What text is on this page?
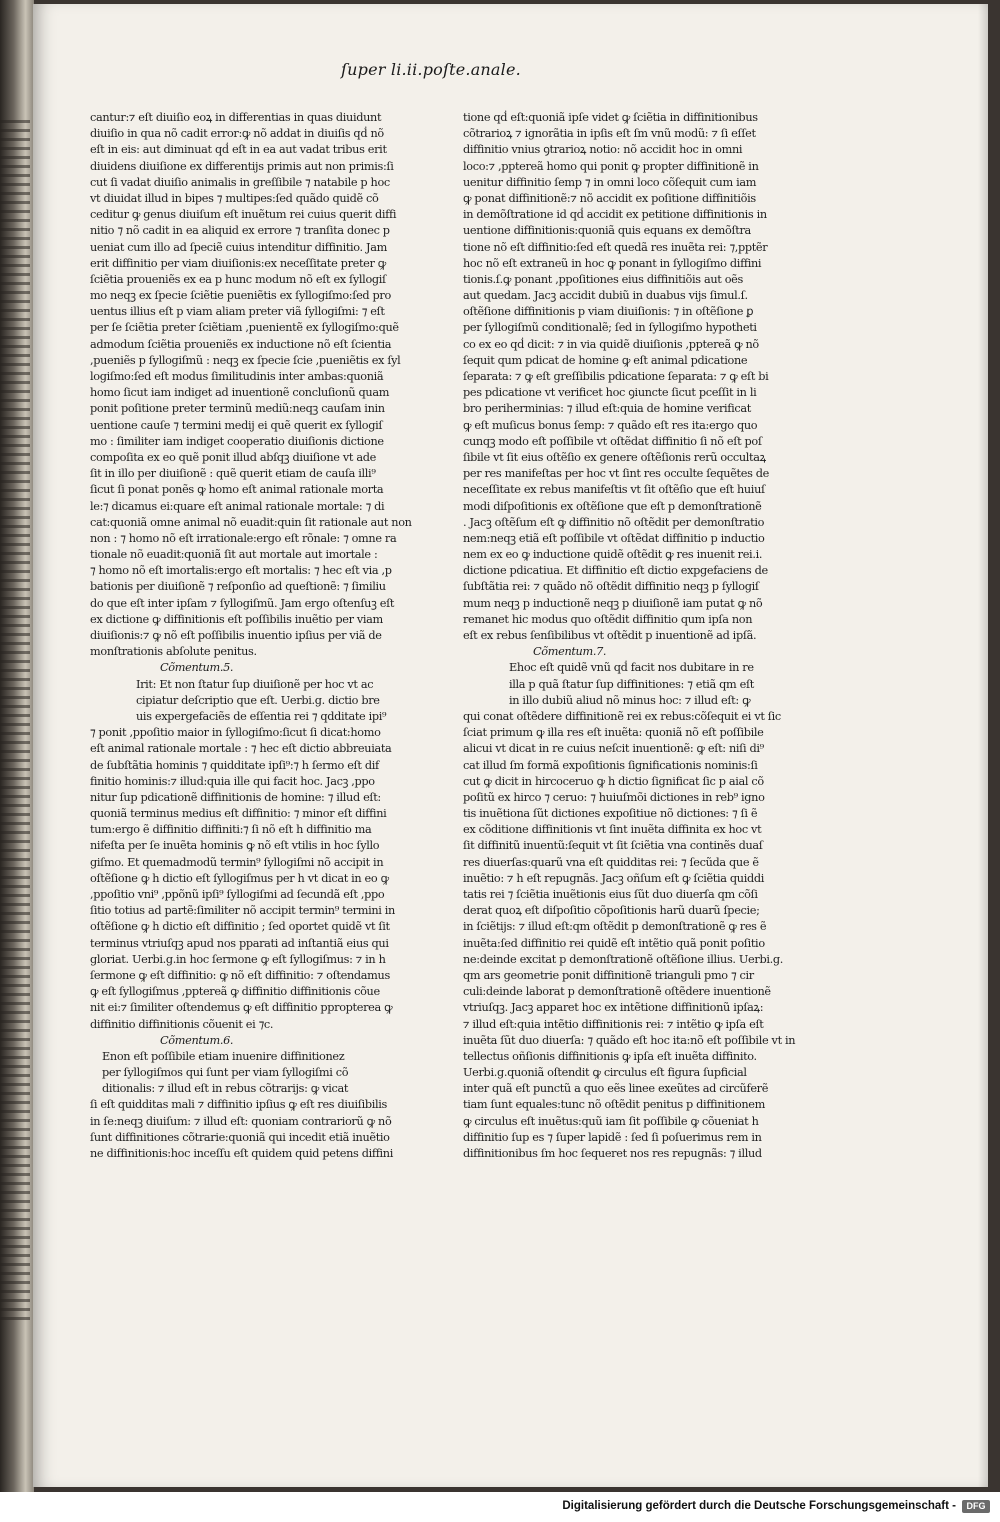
ſuper li.ii.poſte.anale.
cantur:⁊ eſt diuiſio eoꝝ in differentias in quas diuidunt
diuiſio in qua nõ cadit error:ꝙ nõ addat in diuiſis qḋ nõ
eſt in eis: aut diminuat qḋ eſt in ea aut vadat tribus erit
diuidens diuiſione ex differentijs primis aut non primis:ſi
cut ſi vadat diuiſio animalis in greſſibile ⁊ natabile p hoc
vt diuidat illud in bipes ⁊ multipes:ſed quãdo quidẽ cõ
ceditur ꝙ genus diuiſum eſt inuẽtum rei cuius querit diffi
nitio ⁊ nõ cadit in ea aliquid ex errore ⁊ tranſita donec p
ueniat cum illo ad ſpeciẽ cuius intenditur diffinitio. Jam
erit diffinitio per viam diuiſionis:ex neceſſitate preter ꝙ
ſciẽtia proueniẽs ex ea p hunc modum nõ eſt ex ſyllogiſ
mo neqꝫ ex ſpecie ſciẽtie pueniẽtis ex ſyllogiſmo:ſed pro
uentus illius eſt p viam aliam preter viã ſyllogiſmi: ⁊ eſt
per ſe ſciẽtia preter ſciẽtiam ,puenientẽ ex ſyllogiſmo:quẽ
admodum ſciẽtia proueniẽs ex inductione nõ eſt ſcientia
,pueniẽs p ſyllogiſmũ : neqꝫ ex ſpecie ſcie ,pueniẽtis ex ſyl
logiſmo:ſed eſt modus ſimilitudinis inter ambas:quoniã
homo ſicut iam indiget ad inuentionẽ concluſionũ quam
ponit poſitione preter terminũ mediũ:neqꝫ cauſam inin
uentione cauſe ⁊ termini medij ei quẽ querit ex ſyllogiſ
mo : ſimiliter iam indiget cooperatio diuiſionis dictione
compoſita ex eo quẽ ponit illud abſqꝫ diuiſione vt ade
ſit in illo per diuiſionẽ : quẽ querit etiam de cauſa illi⁹
ſicut ſi ponat ponẽs ꝙ homo eſt animal rationale morta
le:⁊ dicamus ei:quare eſt animal rationale mortale: ⁊ di
cat:quoniã omne animal nõ euadit:quin ſit rationale aut non
non : ⁊ homo nõ eſt irrationale:ergo eſt rõnale: ⁊ omne ra
tionale nõ euadit:quoniã ſit aut mortale aut imortale :
⁊ homo nõ eſt imortalis:ergo eſt mortalis: ⁊ hec eſt via ,p
bationis per diuiſionẽ ⁊ reſponſio ad queſtionẽ: ⁊ ſimiliu
do que eſt inter ipſam ⁊ ſyllogiſmũ. Jam ergo oſtenſuꝫ eſt
ex dictione ꝙ diffinitionis eſt poſſibilis inuẽtio per viam
diuiſionis:⁊ ꝙ nõ eſt poſſibilis inuentio ipſius per viã de
monſtrationis abſolute penitus.
Cõmentum.5.
Irit: Et non ſtatur ſup diuiſionẽ per hoc vt ac
cipiatur deſcriptio que eſt. Uerbi.g. dictio bre
uis expergefaciẽs de eſſentia rei ⁊ qdditate ipi⁹
⁊ ponit ,ppoſitio maior in ſyllogiſmo:ſicut ſi dicat:homo
eſt animal rationale mortale : ⁊ hec eſt dictio abbreuiata
de ſubſtãtia hominis ⁊ quidditate ipſi⁹:⁊ h ſermo eſt dif
finitio hominis:⁊ illud:quia ille qui facit hoc. Jacꝫ ,ppo
nitur ſup pdicationẽ diffinitionis de homine: ⁊ illud eſt:
quoniã terminus medius eſt diffinitio: ⁊ minor eſt diffini
tum:ergo ẽ diffinitio diffiniti:⁊ ſi nõ eſt h diffinitio ma
nifeſta per ſe inuẽta hominis ꝙ nõ eſt vtilis in hoc ſyllo
giſmo. Et quemadmodũ termin⁹ ſyllogiſmi nõ accipit in
oſtẽſione ꝙ h dictio eſt ſyllogiſmus per h vt dicat in eo ꝙ
,ppoſitio vni⁹ ,ppõnũ ipſi⁹ ſyllogiſmi ad ſecundã eſt ,ppo
ſitio totius ad partẽ:ſimiliter nõ accipit termin⁹ termini in
oſtẽſione ꝙ h dictio eſt diffinitio ; ſed oportet quidẽ vt ſit
terminus vtriuſqꝫ apud nos pparati ad inſtantiã eius qui
gloriat. Uerbi.g.in hoc ſermone ꝙ eſt ſyllogiſmus: ⁊ in h
ſermone ꝙ eſt diffinitio: ꝙ nõ eſt diffinitio: ⁊ oſtendamus
ꝙ eſt ſyllogiſmus ,pptereã ꝙ diffinitio diffinitionis cõue
nit ei:⁊ ſimiliter oſtendemus ꝙ eſt diffinitio ppropterea ꝙ
diffinitio diffinitionis cõuenit ei ⁊c.
Cõmentum.6.
Enon eſt poſſibile etiam inuenire diffinitionez
per ſyllogiſmos qui ſunt per viam ſyllogiſmi cõ
ditionalis: ⁊ illud eſt in rebus cõtrarijs: ꝙ vicat
ſi eſt quidditas mali ⁊ diffinitio ipſius ꝙ eſt res diuiſibilis
in ſe:neqꝫ diuiſum: ⁊ illud eſt: quoniam contrariorũ ꝙ nõ
ſunt diffinitiones cõtrarie:quoniã qui incedit etiã inuẽtio
ne diffinitionis:hoc inceſſu eſt quidem quid petens diffini
tione qḋ eſt:quoniã ipſe videt ꝙ ſciẽtia in diffinitionibus
cõtrarioꝝ ⁊ ignorãtia in ipſis eſt ſm vnũ modũ: ⁊ ſi eſſet
diffinitio vnius ꝯtrarioꝝ notio: nõ accidit hoc in omni
loco:⁊ ,pptereã homo qui ponit ꝙ propter diffinitionẽ in
uenitur diffinitio ſemp ⁊ in omni loco cõſequit cum iam
ꝙ ponat diffinitionẽ:⁊ nõ accidit ex poſitione diffinitiõis
in demõſtratione id qḋ accidit ex petitione diffinitionis in
uentione diffinitionis:quoniã quis equans ex demõſtra
tione nõ eſt diffinitio:ſed eſt quedã res inuẽta rei: ⁊,pptẽr
hoc nõ eſt extraneũ in hoc ꝙ ponant in ſyllogiſmo diffini
tionis.ſ.ꝙ ponant ,ppoſitiones eius diffinitiõis aut oẽs
aut quedam. Jacꝫ accidit dubiũ in duabus vijs ſimul.ſ.
oſtẽſione diffinitionis p viam diuiſionis: ⁊ in oſtẽſione ꝑ
per ſyllogiſmũ conditionalẽ; ſed in ſyllogiſmo hypotheti
co ex eo qḋ dicit: ⁊ in via quidẽ diuiſionis ,pptereã ꝙ nõ
ſequit qum pdicat de homine ꝙ eſt animal pdicatione
ſeparata: ⁊ ꝙ eſt greſſibilis pdicatione ſeparata: ⁊ ꝙ eſt bi
pes pdicatione vt verificet hoc ꝯiuncte ſicut pceſſit in li
bro periherminias: ⁊ illud eſt:quia de homine verificat
ꝙ eſt muſicus bonus ſemp: ⁊ quãdo eſt res ita:ergo quo
cunqꝫ modo eſt poſſibile vt oſtẽdat diffinitio ſi nõ eſt poſ
ſibile vt ſit eius oſtẽſio ex genere oſtẽſionis rerũ occultaꝝ
per res manifeſtas per hoc vt ſint res occulte ſequẽtes de
neceſſitate ex rebus manifeſtis vt ſit oſtẽſio que eſt huiuſ
modi diſpoſitionis ex oſtẽſione que eſt p demonſtrationẽ
. Jacꝫ oſtẽſum eſt ꝙ diffinitio nõ oſtẽdit per demonſtratio
nem:neqꝫ etiã eſt poſſibile vt oſtẽdat diffinitio p inductio
nem ex eo ꝙ inductione quidẽ oſtẽdit ꝙ res inuenit rei.i.
dictione pdicatiua. Et diffinitio eſt dictio expgefaciens de
ſubſtãtia rei: ⁊ quãdo nõ oſtẽdit diffinitio neqꝫ p ſyllogiſ
mum neqꝫ p inductionẽ neqꝫ p diuiſionẽ iam putat ꝙ nõ
remanet hic modus quo oſtẽdit diffinitio qum ipſa non
eſt ex rebus ſenſibilibus vt oſtẽdit p inuentionẽ ad ipſã.
Cõmentum.7.
Ehoc eſt quidẽ vnũ qḋ facit nos dubitare in re
illa p quã ſtatur ſup diffinitiones: ⁊ etiã qm eſt
in illo dubiũ aliud nõ minus hoc: ⁊ illud eſt: ꝙ
qui conat oſtẽdere diffinitionẽ rei ex rebus:cõſequit ei vt ſic
ſciat primum ꝙ illa res eſt inuẽta: quoniã nõ eſt poſſibile
alicui vt dicat in re cuius neſcit inuentionẽ: ꝙ eſt: niſi di⁹
cat illud ſm formã expoſitionis ſignificationis nominis:ſi
cut ꝙ dicit in hircoceruo ꝙ h dictio ſignificat ſic p aial cõ
poſitũ ex hirco ⁊ ceruo: ⁊ huiuſmõi dictiones in reb⁹ igno
tis inuẽtiona ſũt dictiones expoſitiue nõ dictiones: ⁊ ſi ẽ
ex cõditione diffinitionis vt ſint inuẽta diffinita ex hoc vt
ſit diffinitũ inuentũ:ſequit vt ſit ſciẽtia vna continẽs duaſ
res diuerſas:quarũ vna eſt quidditas rei: ⁊ ſecũda que ẽ
inuẽtio: ⁊ h eſt repugnãs. Jacꝫ oñſum eſt ꝙ ſciẽtia quiddi
tatis rei ⁊ ſciẽtia inuẽtionis eius ſũt duo diuerſa qm cõſi
derat quoꝝ eſt diſpoſitio cõpoſitionis harũ duarũ ſpecie;
in ſciẽtijs: ⁊ illud eſt:qm oſtẽdit p demonſtrationẽ ꝙ res ẽ
inuẽta:ſed diffinitio rei quidẽ eſt intẽtio quã ponit poſitio
ne:deinde excitat p demonſtrationẽ oſtẽſione illius. Uerbi.g.
qm ars geometrie ponit diffinitionẽ trianguli pmo ⁊ cir
culi:deinde laborat p demonſtrationẽ oſtẽdere inuentionẽ
vtriuſqꝫ. Jacꝫ apparet hoc ex intẽtione diffinitionũ ipſaꝝ:
⁊ illud eſt:quia intẽtio diffinitionis rei: ⁊ intẽtio ꝙ ipſa eſt
inuẽta ſũt duo diuerſa: ⁊ quãdo eſt hoc ita:nõ eſt poſſibile vt in
tellectus oñſionis diffinitionis ꝙ ipſa eſt inuẽta diffinito.
Uerbi.g.quoniã oſtendit ꝙ circulus eſt figura ſupficial
inter quã eſt punctũ a quo eẽs linee exeũtes ad circũferẽ
tiam ſunt equales:tunc nõ oſtẽdit penitus p diffinitionem
ꝙ circulus eſt inuẽtus:quũ iam ſit poſſibile ꝙ cõueniat h
diffinitio ſup es ⁊ ſuper lapidẽ : ſed ſi poſuerimus rem in
diffinitionibus ſm hoc ſequeret nos res repugnãs: ⁊ illud
Digitalisierung gefördert durch die Deutsche Forschungsgemeinschaft -	DFG
